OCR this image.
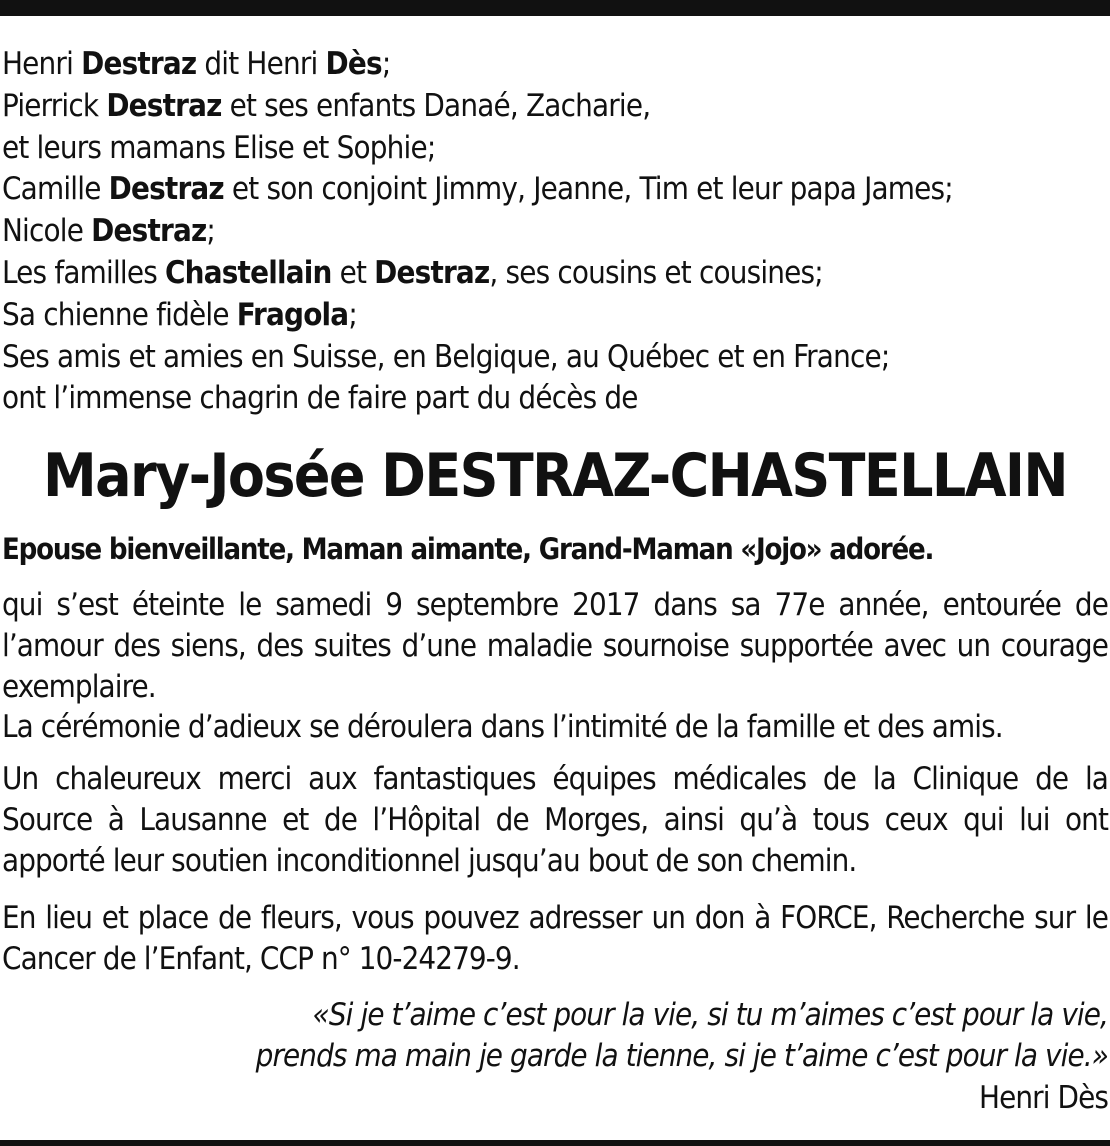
Henri Destraz dit Henri Dès;
Pierrick Destraz et ses enfants Danaé, Zacharie,
et leurs mamans Elise et Sophie;
Camille Destraz et son conjoint Jimmy, Jeanne, Tim et leur papa James;
Nicole Destraz;
Les familles Chastellain et Destraz, ses cousins et cousines;
Sa chienne fidèle Fragola;
Ses amis et amies en Suisse, en Belgique, au Québec et en France;
ont l’immense chagrin de faire part du décès de
Mary-Josée DESTRAZ-CHASTELLAIN
Epouse bienveillante, Maman aimante, Grand-Maman «Jojo» adorée.
qui s’est éteinte le samedi 9 septembre 2017 dans sa 77e année, entourée de l’amour des siens, des suites d’une maladie sournoise supportée avec un courage exemplaire.
La cérémonie d’adieux se déroulera dans l’intimité de la famille et des amis.
Un chaleureux merci aux fantastiques équipes médicales de la Clinique de la Source à Lausanne et de l’Hôpital de Morges, ainsi qu’à tous ceux qui lui ont apporté leur soutien inconditionnel jusqu’au bout de son chemin.
En lieu et place de fleurs, vous pouvez adresser un don à FORCE, Recherche sur le Cancer de l’Enfant, CCP n° 10-24279-9.
«Si je t’aime c’est pour la vie, si tu m’aimes c’est pour la vie,
prends ma main je garde la tienne, si je t’aime c’est pour la vie.»
Henri Dès
